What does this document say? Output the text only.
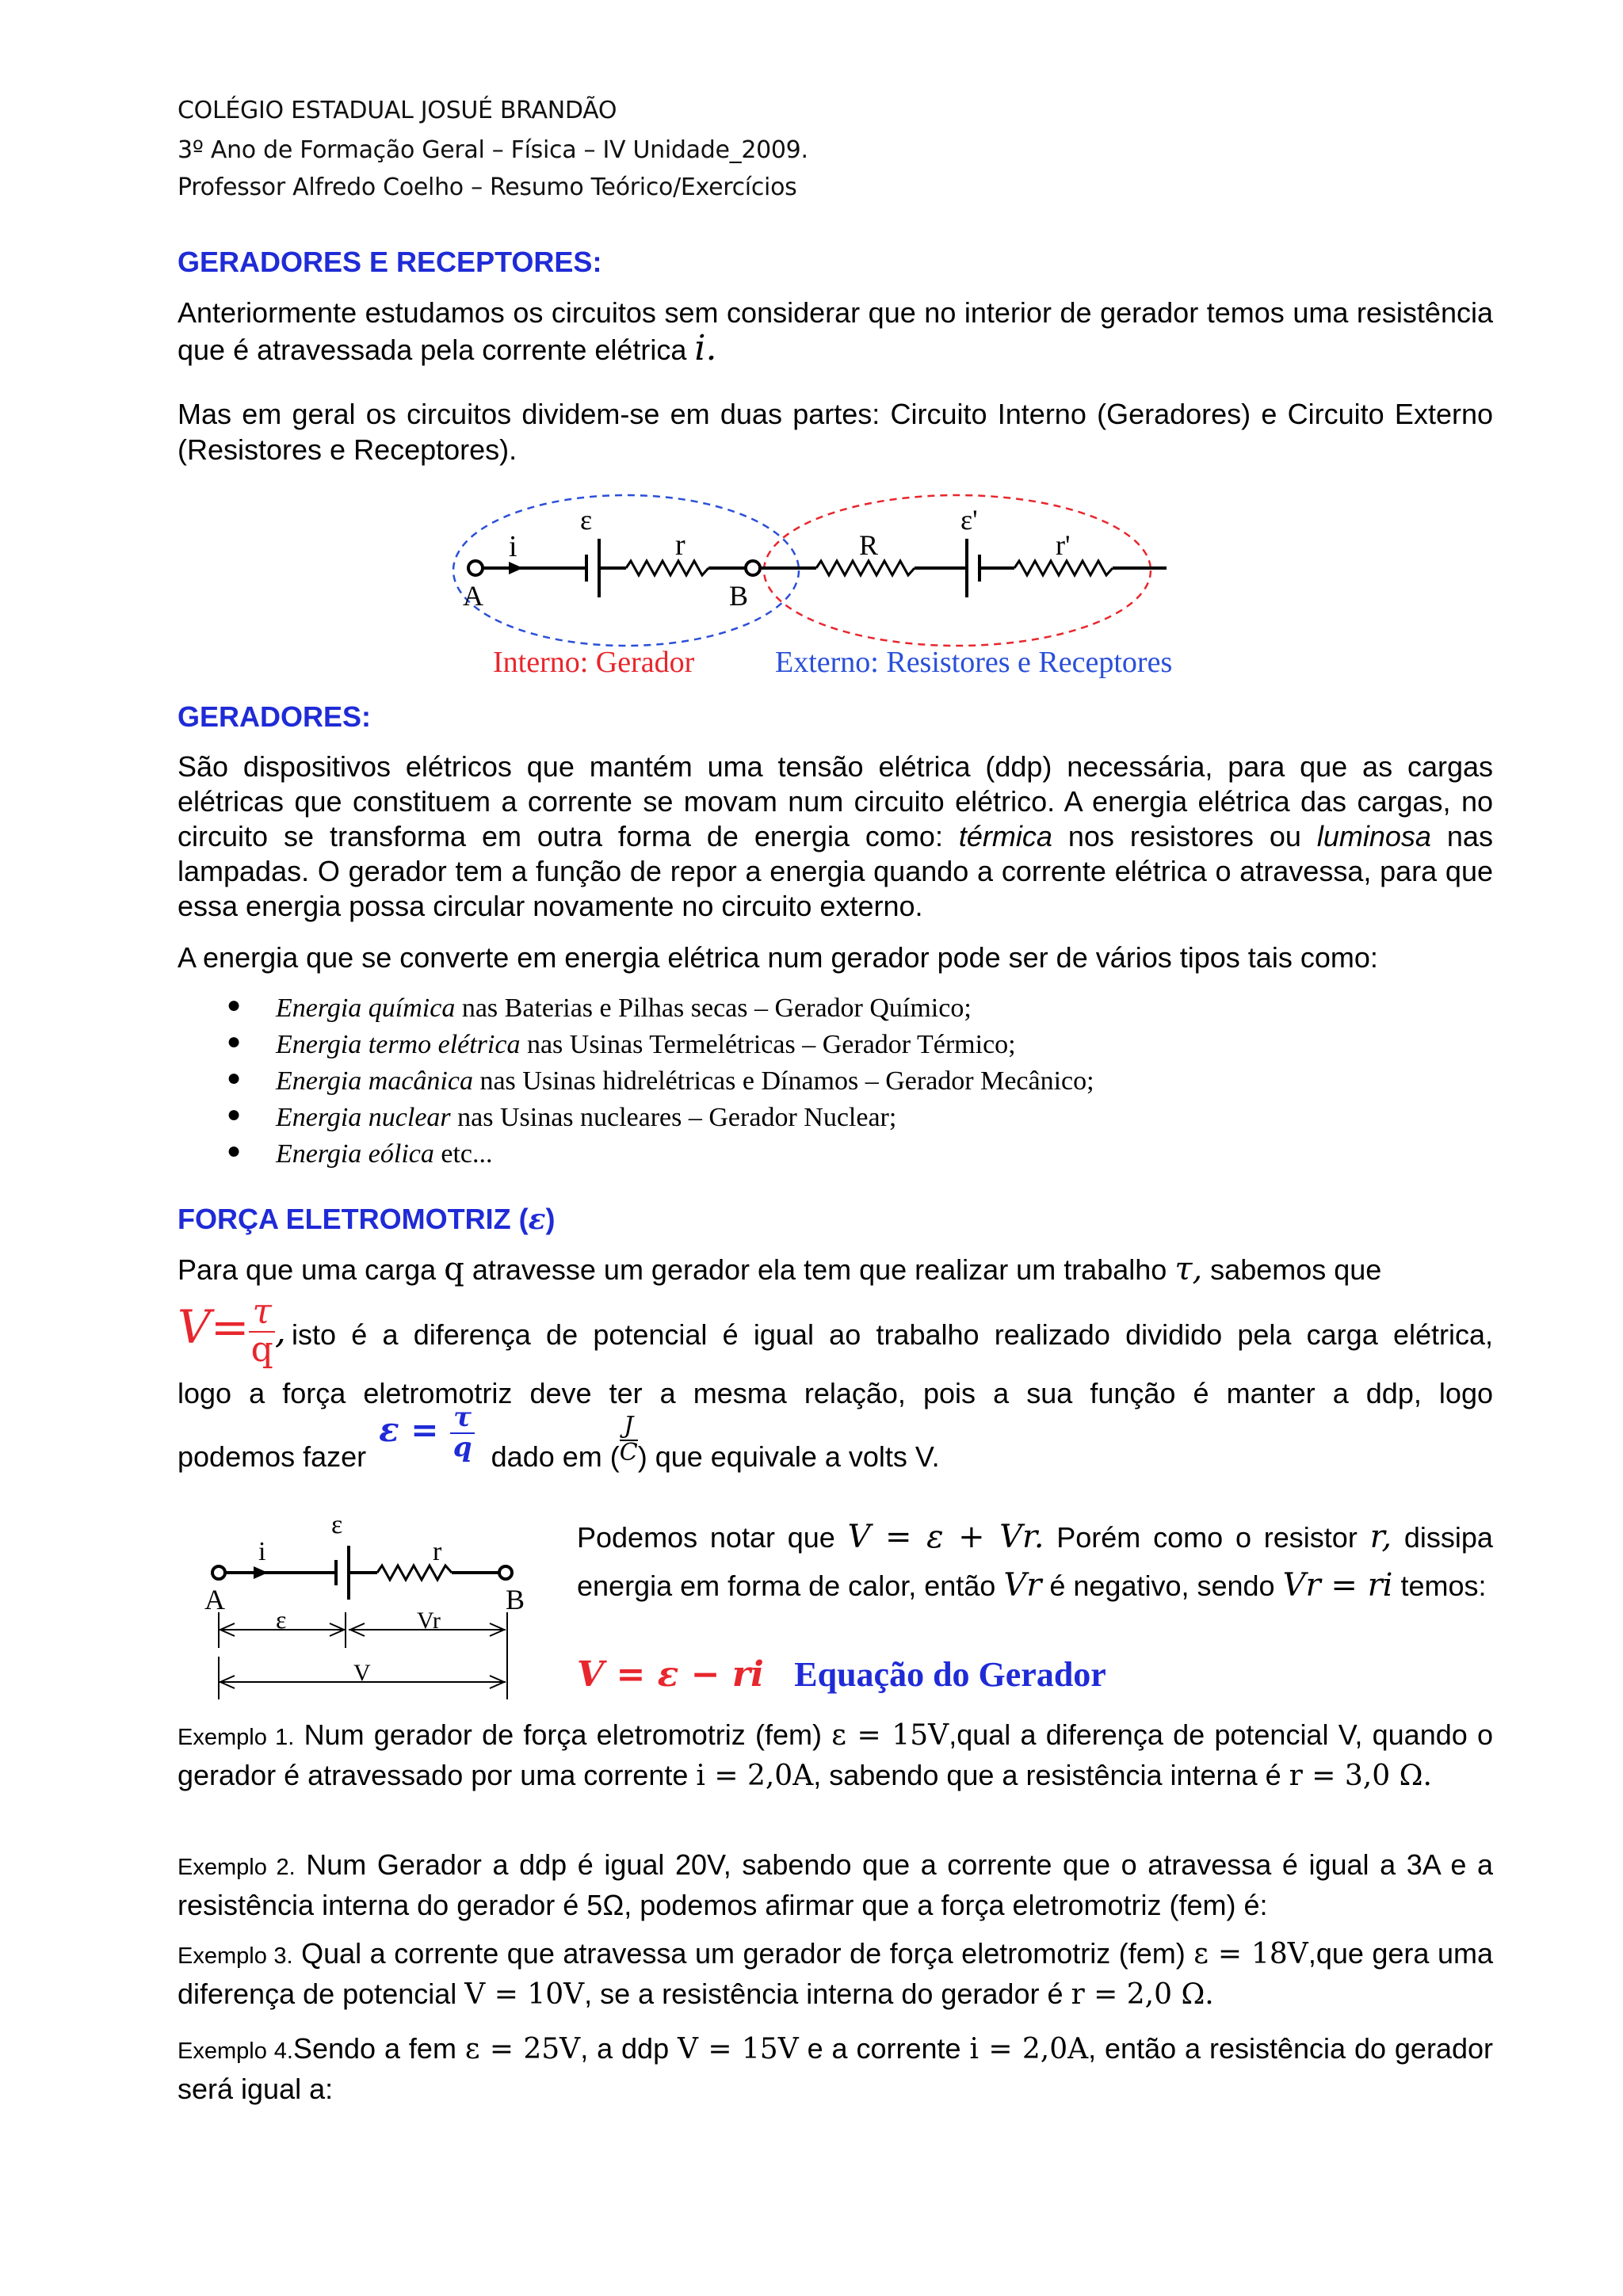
COLÉGIO ESTADUAL JOSUÉ BRANDÃO
3º Ano de Formação Geral – Física – IV Unidade_2009.
Professor Alfredo Coelho – Resumo Teórico/Exercícios
GERADORES E RECEPTORES:
Anteriormente estudamos os circuitos sem considerar que no interior de gerador temos uma resistência que é atravessada pela corrente elétrica i.
Mas em geral os circuitos dividem-se em duas partes: Circuito Interno (Geradores) e Circuito Externo (Resistores e Receptores).
ε
i	r	R
ε'
r'
A	B
Interno: Gerador	Externo: Resistores e Receptores
GERADORES:
São dispositivos elétricos que mantém uma tensão elétrica (ddp) necessária, para que as cargas elétricas que constituem a corrente se movam num circuito elétrico. A energia elétrica das cargas, no circuito se transforma em outra forma de energia como: térmica nos resistores ou luminosa nas lampadas. O gerador tem a função de repor a energia quando a corrente elétrica o atravessa, para que essa energia possa circular novamente no circuito externo.
A energia que se converte em energia elétrica num gerador pode ser de vários tipos tais como:
● Energia química nas Baterias e Pilhas secas – Gerador Químico;
● Energia termo elétrica nas Usinas Termelétricas – Gerador Térmico;
● Energia macânica nas Usinas hidrelétricas e Dínamos – Gerador Mecânico;
● Energia nuclear nas Usinas nucleares – Gerador Nuclear;
● Energia eólica etc...
FORÇA ELETROMOTRIZ (ε)
Para que uma carga q atravesse um gerador ela tem que realizar um trabalho τ, sabemos que
$V= \frac{\tau}{q}$ , isto é a diferença de potencial é igual ao trabalho realizado dividido pela carga elétrica,
logo a força eletromotriz deve ter a mesma relação, pois a sua função é manter a ddp, logo
podemos fazer $\varepsilon = \frac{\tau}{q}$ dado em ( $\frac{J}{C}$ ) que equivale a volts V.
ε
i	r
A	B
ε	Vr
V
Podemos notar que V = ε + Vr. Porém como o resistor r, dissipa energia em forma de calor, então Vr é negativo, sendo Vr = ri temos:
V = ε − ri Equação do Gerador
Exemplo 1. Num gerador de força eletromotriz (fem) ε = 15V,qual a diferença de potencial V, quando o gerador é atravessado por uma corrente i = 2,0A, sabendo que a resistência interna é r = 3,0 Ω.
Exemplo 2. Num Gerador a ddp é igual 20V, sabendo que a corrente que o atravessa é igual a 3A e a resistência interna do gerador é 5Ω, podemos afirmar que a força eletromotriz (fem) é:
Exemplo 3. Qual a corrente que atravessa um gerador de força eletromotriz (fem) ε = 18V,que gera uma diferença de potencial V = 10V, se a resistência interna do gerador é r = 2,0 Ω.
Exemplo 4.Sendo a fem ε = 25V, a ddp V = 15V e a corrente i = 2,0A, então a resistência do gerador será igual a:
